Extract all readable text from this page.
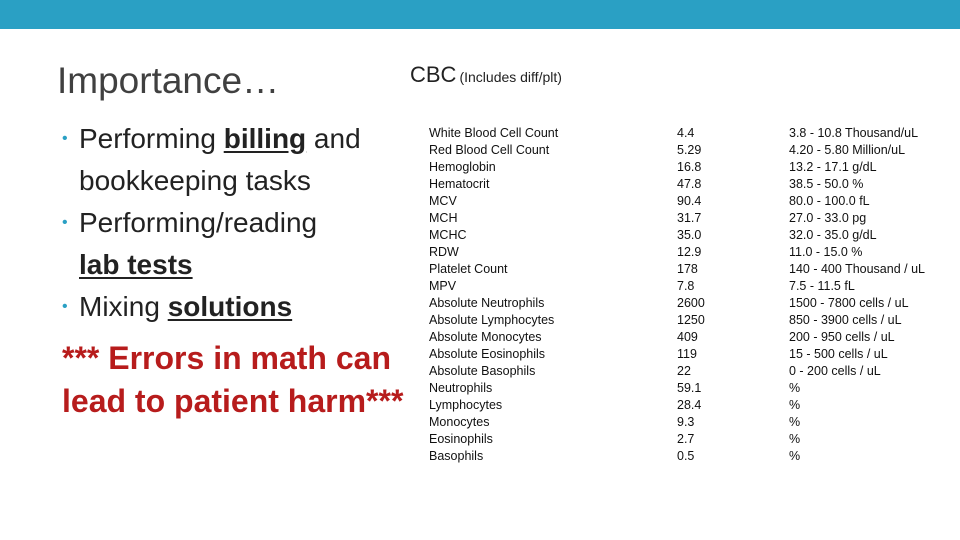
Importance…
• Performing billing and
bookkeeping tasks
• Performing/reading
lab tests
• Mixing solutions
*** Errors in math can lead to patient harm***
CBC (Includes diff/plt)
White Blood Cell Count	4.4	3.8 - 10.8 Thousand/uL
Red Blood Cell Count	5.29	4.20 - 5.80 Million/uL
Hemoglobin	16.8	13.2 - 17.1 g/dL
Hematocrit	47.8	38.5 - 50.0 %
MCV	90.4	80.0 - 100.0 fL
MCH	31.7	27.0 - 33.0 pg
MCHC	35.0	32.0 - 35.0 g/dL
RDW	12.9	11.0 - 15.0 %
Platelet Count	178	140 - 400 Thousand / uL
MPV	7.8	7.5 - 11.5 fL
Absolute Neutrophils	2600	1500 - 7800 cells / uL
Absolute Lymphocytes	1250	850 - 3900 cells / uL
Absolute Monocytes	409	200 - 950 cells / uL
Absolute Eosinophils	119	15 - 500 cells / uL
Absolute Basophils	22	0 - 200 cells / uL
Neutrophils	59.1	%
Lymphocytes	28.4	%
Monocytes	9.3	%
Eosinophils	2.7	%
Basophils	0.5	%
